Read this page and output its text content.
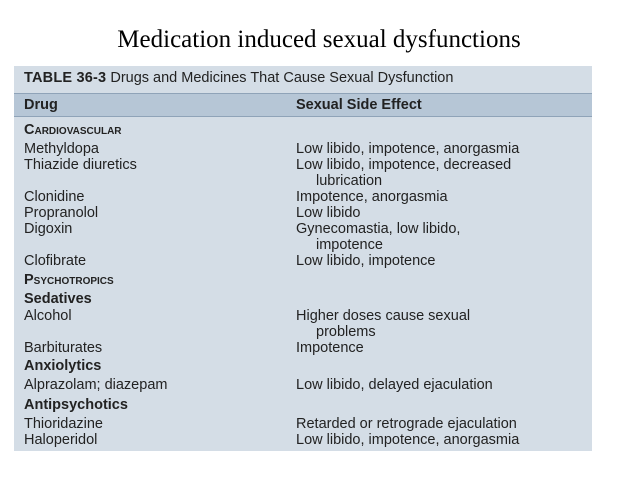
Medication induced sexual dysfunctions
TABLE 36-3 Drugs and Medicines That Cause Sexual Dysfunction
Drug	Sexual Side Effect
Cardiovascular
Methyldopa	Low libido, impotence, anorgasmia
Thiazide diuretics	Low libido, impotence, decreased
lubrication
Clonidine	Impotence, anorgasmia
Propranolol	Low libido
Digoxin	Gynecomastia, low libido,
impotence
Clofibrate	Low libido, impotence
Psychotropics
Sedatives
Alcohol	Higher doses cause sexual
problems
Barbiturates	Impotence
Anxiolytics
Alprazolam; diazepam	Low libido, delayed ejaculation
Antipsychotics
Thioridazine	Retarded or retrograde ejaculation
Haloperidol	Low libido, impotence, anorgasmia
